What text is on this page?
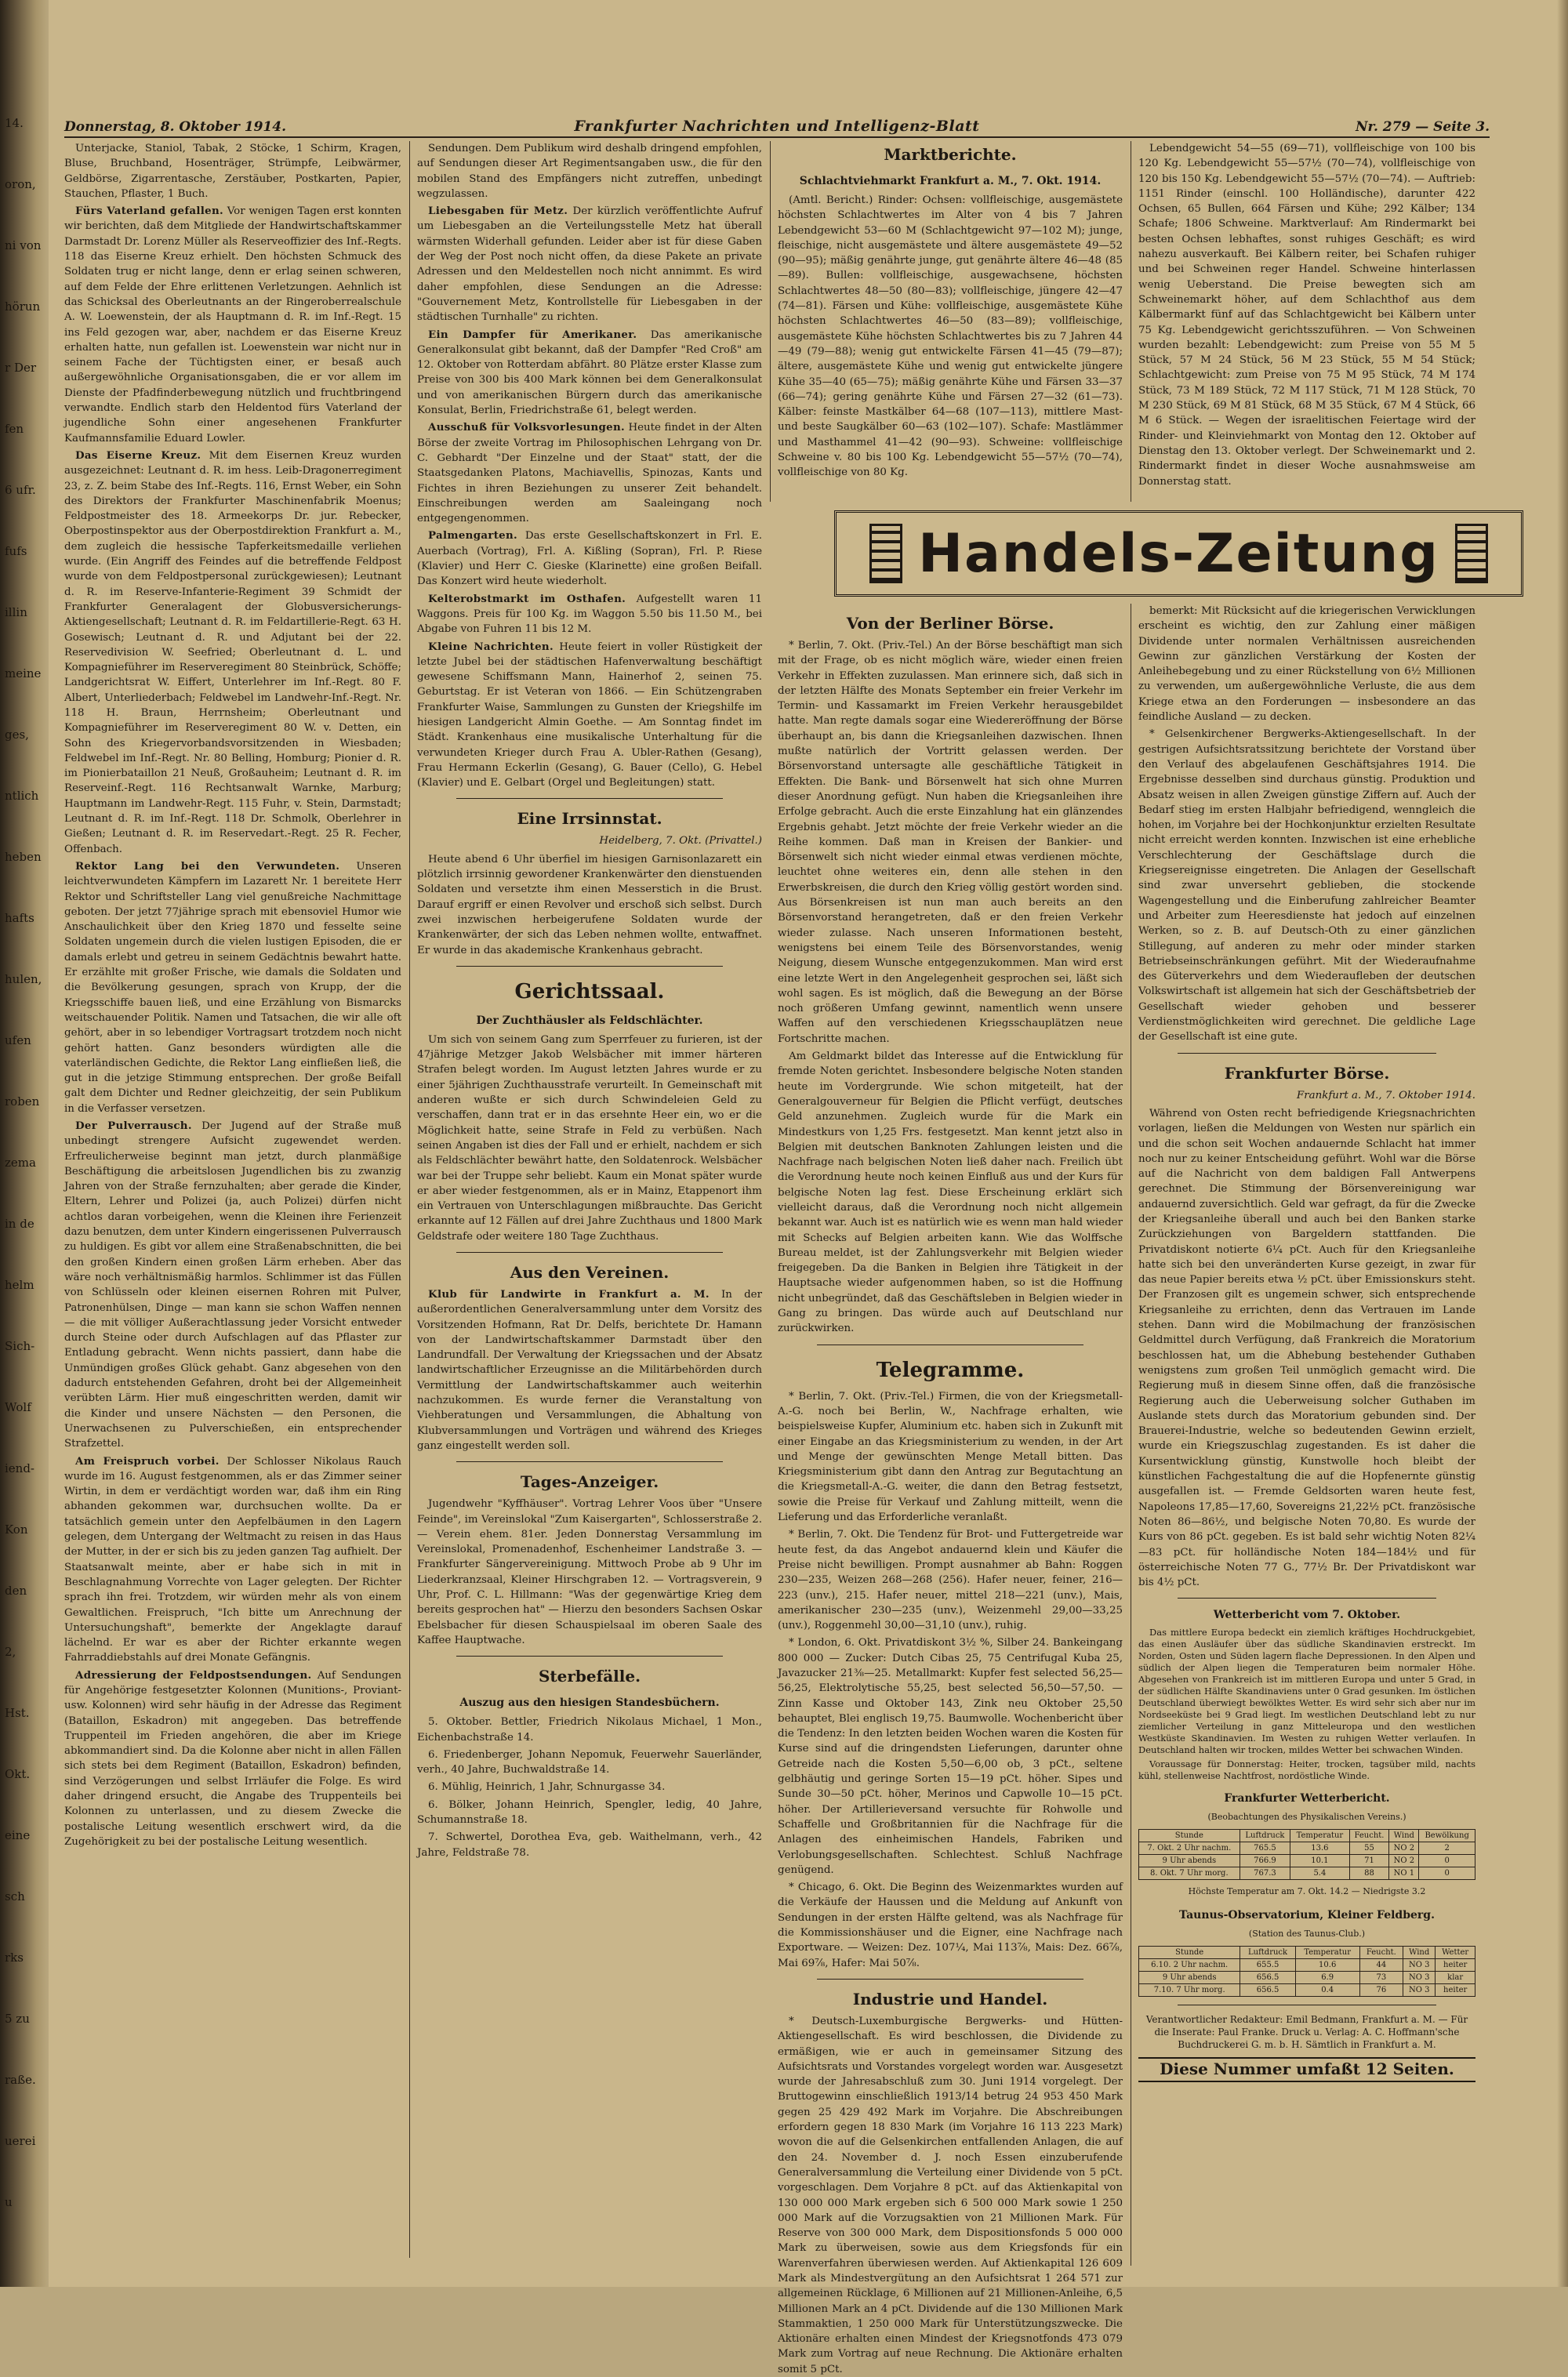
14.
oron,
ni von
hörun
r Der
fen
6 ufr.
fufs
illin
meine
ges,
ntlich
heben
hafts
hulen,
ufen
roben
zema
in de
helm
Sich-
Wolf
iend-
Kon
den
2,
Hst.
Okt.
eine
sch
rks
5 zu
raße.
uerei
u
Donnerstag, 8. Oktober 1914.	Frankfurter Nachrichten und Intelligenz-Blatt	Nr. 279 — Seite 3.

Unterjacke, Staniol, Tabak, 2 Stöcke, 1 Schirm, Kragen, Bluse, Bruchband, Hosenträger, Strümpfe, Leibwärmer, Geldbörse, Zigarrentasche, Zerstäuber, Postkarten, Papier, Stauchen, Pflaster, 1 Buch.

Fürs Vaterland gefallen. Vor wenigen Tagen erst konnten wir berichten, daß dem Mitgliede der Handwirtschaftskammer Darmstadt Dr. Lorenz Müller als Reserveoffizier des Inf.-Regts. 118 das Eiserne Kreuz erhielt. Den höchsten Schmuck des Soldaten trug er nicht lange, denn er erlag seinen schweren, auf dem Felde der Ehre erlittenen Verletzungen. Aehnlich ist das Schicksal des Oberleutnants an der Ringeroberrealschule A. W. Loewenstein, der als Hauptmann d. R. im Inf.-Regt. 15 ins Feld gezogen war, aber, nachdem er das Eiserne Kreuz erhalten hatte, nun gefallen ist. Loewenstein war nicht nur in seinem Fache der Tüchtigsten einer, er besaß auch außergewöhnliche Organisationsgaben, die er vor allem im Dienste der Pfadfinderbewegung nützlich und fruchtbringend verwandte. Endlich starb den Heldentod fürs Vaterland der jugendliche Sohn einer angesehenen Frankfurter Kaufmannsfamilie Eduard Lowler.

Das Eiserne Kreuz. Mit dem Eisernen Kreuz wurden ausgezeichnet: Leutnant d. R. im hess. Leib-Dragonerregiment 23, z. Z. beim Stabe des Inf.-Regts. 116, Ernst Weber, ein Sohn des Direktors der Frankfurter Maschinenfabrik Moenus; Feldpostmeister des 18. Armeekorps Dr. jur. Rebecker, Oberpostinspektor aus der Oberpostdirektion Frankfurt a. M., dem zugleich die hessische Tapferkeitsmedaille verliehen wurde. (Ein Angriff des Feindes auf die betreffende Feldpost wurde von dem Feldpostpersonal zurückgewiesen); Leutnant d. R. im Reserve-Infanterie-Regiment 39 Schmidt der Frankfurter Generalagent der Globusversicherungs-Aktiengesellschaft; Leutnant d. R. im Feldartillerie-Regt. 63 H. Gosewisch; Leutnant d. R. und Adjutant bei der 22. Reservedivision W. Seefried; Oberleutnant d. L. und Kompagnieführer im Reserveregiment 80 Steinbrück, Schöffe; Landgerichtsrat W. Eiffert, Unterlehrer im Inf.-Regt. 80 F. Albert, Unterliederbach; Feldwebel im Landwehr-Inf.-Regt. Nr. 118 H. Braun, Herrnsheim; Oberleutnant und Kompagnieführer im Reserveregiment 80 W. v. Detten, ein Sohn des Kriegervorbandsvorsitzenden in Wiesbaden; Feldwebel im Inf.-Regt. Nr. 80 Belling, Homburg; Pionier d. R. im Pionierbataillon 21 Neuß, Großauheim; Leutnant d. R. im Reserveinf.-Regt. 116 Rechtsanwalt Warnke, Marburg; Hauptmann im Landwehr-Regt. 115 Fuhr, v. Stein, Darmstadt; Leutnant d. R. im Inf.-Regt. 118 Dr. Schmolk, Oberlehrer in Gießen; Leutnant d. R. im Reservedart.-Regt. 25 R. Fecher, Offenbach.

Rektor Lang bei den Verwundeten. Unseren leichtverwundeten Kämpfern im Lazarett Nr. 1 bereitete Herr Rektor und Schriftsteller Lang viel genußreiche Nachmittage geboten. Der jetzt 77jährige sprach mit ebensoviel Humor wie Anschaulichkeit über den Krieg 1870 und fesselte seine Soldaten ungemein durch die vielen lustigen Episoden, die er damals erlebt und getreu in seinem Gedächtnis bewahrt hatte. Er erzählte mit großer Frische, wie damals die Soldaten und die Bevölkerung gesungen, sprach von Krupp, der die Kriegsschiffe bauen ließ, und eine Erzählung von Bismarcks weitschauender Politik. Namen und Tatsachen, die wir alle oft gehört, aber in so lebendiger Vortragsart trotzdem noch nicht gehört hatten. Ganz besonders würdigten alle die vaterländischen Gedichte, die Rektor Lang einfließen ließ, die gut in die jetzige Stimmung entsprechen. Der große Beifall galt dem Dichter und Redner gleichzeitig, der sein Publikum in die Verfasser versetzen.

Der Pulverrausch. Der Jugend auf der Straße muß unbedingt strengere Aufsicht zugewendet werden. Erfreulicherweise beginnt man jetzt, durch planmäßige Beschäftigung die arbeitslosen Jugendlichen bis zu zwanzig Jahren von der Straße fernzuhalten; aber gerade die Kinder, Eltern, Lehrer und Polizei (ja, auch Polizei) dürfen nicht achtlos daran vorbeigehen, wenn die Kleinen ihre Ferienzeit dazu benutzen, dem unter Kindern eingerissenen Pulverrausch zu huldigen. Es gibt vor allem eine Straßenabschnitten, die bei den großen Kindern einen großen Lärm erheben. Aber das wäre noch verhältnismäßig harmlos. Schlimmer ist das Füllen von Schlüsseln oder kleinen eisernen Rohren mit Pulver, Patronenhülsen, Dinge — man kann sie schon Waffen nennen — die mit völliger Außerachtlassung jeder Vorsicht entweder durch Steine oder durch Aufschlagen auf das Pflaster zur Entladung gebracht. Wenn nichts passiert, dann habe die Unmündigen großes Glück gehabt. Ganz abgesehen von den dadurch entstehenden Gefahren, droht bei der Allgemeinheit verübten Lärm. Hier muß eingeschritten werden, damit wir die Kinder und unsere Nächsten — den Personen, die Unerwachsenen zu Pulverschießen, ein entsprechender Strafzettel.

Am Freispruch vorbei. Der Schlosser Nikolaus Rauch wurde im 16. August festgenommen, als er das Zimmer seiner Wirtin, in dem er verdächtigt worden war, daß ihm ein Ring abhanden gekommen war, durchsuchen wollte. Da er tatsächlich gemein unter den Aepfelbäumen in den Lagern gelegen, dem Untergang der Weltmacht zu reisen in das Haus der Mutter, in der er sich bis zu jeden ganzen Tag aufhielt. Der Staatsanwalt meinte, aber er habe sich in mit in Beschlagnahmung Vorrechte von Lager gelegten. Der Richter sprach ihn frei. Trotzdem, wir würden mehr als von einem Gewaltlichen. Freispruch, "Ich bitte um Anrechnung der Untersuchungshaft", bemerkte der Angeklagte darauf lächelnd. Er war es aber der Richter erkannte wegen Fahrraddiebstahls auf drei Monate Gefängnis.

Adressierung der Feldpostsendungen. Auf Sendungen für Angehörige festgesetzter Kolonnen (Munitions-, Proviant- usw. Kolonnen) wird sehr häufig in der Adresse das Regiment (Bataillon, Eskadron) mit angegeben. Das betreffende Truppenteil im Frieden angehören, die aber im Kriege abkommandiert sind. Da die Kolonne aber nicht in allen Fällen sich stets bei dem Regiment (Bataillon, Eskadron) befinden, sind Verzögerungen und selbst Irrläufer die Folge. Es wird daher dringend ersucht, die Angabe des Truppenteils bei Kolonnen zu unterlassen, und zu diesem Zwecke die postalische Leitung wesentlich erschwert wird, da die Zugehörigkeit zu bei der postalische Leitung wesentlich.

Sendungen. Dem Publikum wird deshalb dringend empfohlen, auf Sendungen dieser Art Regimentsangaben usw., die für den mobilen Stand des Empfängers nicht zutreffen, unbedingt wegzulassen.

Liebesgaben für Metz. Der kürzlich veröffentlichte Aufruf um Liebesgaben an die Verteilungsstelle Metz hat überall wärmsten Widerhall gefunden. Leider aber ist für diese Gaben der Weg der Post noch nicht offen, da diese Pakete an private Adressen und den Meldestellen noch nicht annimmt. Es wird daher empfohlen, diese Sendungen an die Adresse: "Gouvernement Metz, Kontrollstelle für Liebesgaben in der städtischen Turnhalle" zu richten.

Ein Dampfer für Amerikaner. Das amerikanische Generalkonsulat gibt bekannt, daß der Dampfer "Red Croß" am 12. Oktober von Rotterdam abfährt. 80 Plätze erster Klasse zum Preise von 300 bis 400 Mark können bei dem Generalkonsulat und von amerikanischen Bürgern durch das amerikanische Konsulat, Berlin, Friedrichstraße 61, belegt werden.

Ausschuß für Volksvorlesungen. Heute findet in der Alten Börse der zweite Vortrag im Philosophischen Lehrgang von Dr. C. Gebhardt "Der Einzelne und der Staat" statt, der die Staatsgedanken Platons, Machiavellis, Spinozas, Kants und Fichtes in ihren Beziehungen zu unserer Zeit behandelt. Einschreibungen werden am Saaleingang noch entgegengenommen.

Palmengarten. Das erste Gesellschaftskonzert in Frl. E. Auerbach (Vortrag), Frl. A. Kißling (Sopran), Frl. P. Riese (Klavier) und Herr C. Gieske (Klarinette) eine großen Beifall. Das Konzert wird heute wiederholt.

Kelterobstmarkt im Osthafen. Aufgestellt waren 11 Waggons. Preis für 100 Kg. im Waggon 5.50 bis 11.50 M., bei Abgabe von Fuhren 11 bis 12 M.

Kleine Nachrichten. Heute feiert in voller Rüstigkeit der letzte Jubel bei der städtischen Hafenverwaltung beschäftigt gewesene Schiffsmann Mann, Hainerhof 2, seinen 75. Geburtstag. Er ist Veteran von 1866. — Ein Schützengraben Frankfurter Waise, Sammlungen zu Gunsten der Kriegshilfe im hiesigen Landgericht Almin Goethe. — Am Sonntag findet im Städt. Krankenhaus eine musikalische Unterhaltung für die verwundeten Krieger durch Frau A. Ubler-Rathen (Gesang), Frau Hermann Eckerlin (Gesang), G. Bauer (Cello), G. Hebel (Klavier) und E. Gelbart (Orgel und Begleitungen) statt.

Eine Irrsinnstat.
Heidelberg, 7. Okt. (Privattel.)

Heute abend 6 Uhr überfiel im hiesigen Garnisonlazarett ein plötzlich irrsinnig gewordener Krankenwärter den dienstuenden Soldaten und versetzte ihm einen Messerstich in die Brust. Darauf ergriff er einen Revolver und erschoß sich selbst. Durch zwei inzwischen herbeigerufene Soldaten wurde der Krankenwärter, der sich das Leben nehmen wollte, entwaffnet. Er wurde in das akademische Krankenhaus gebracht.

Gerichtssaal.
Der Zuchthäusler als Feldschlächter.

Um sich von seinem Gang zum Sperrfeuer zu furieren, ist der 47jährige Metzger Jakob Welsbächer mit immer härteren Strafen belegt worden. Im August letzten Jahres wurde er zu einer 5jährigen Zuchthausstrafe verurteilt. In Gemeinschaft mit anderen wußte er sich durch Schwindeleien Geld zu verschaffen, dann trat er in das ersehnte Heer ein, wo er die Möglichkeit hatte, seine Strafe in Feld zu verbüßen. Nach seinen Angaben ist dies der Fall und er erhielt, nachdem er sich als Feldschlächter bewährt hatte, den Soldatenrock. Welsbächer war bei der Truppe sehr beliebt. Kaum ein Monat später wurde er aber wieder festgenommen, als er in Mainz, Etappenort ihm ein Vertrauen von Unterschlagungen mißbrauchte. Das Gericht erkannte auf 12 Fällen auf drei Jahre Zuchthaus und 1800 Mark Geldstrafe oder weitere 180 Tage Zuchthaus.

Aus den Vereinen.

Klub für Landwirte in Frankfurt a. M. In der außerordentlichen Generalversammlung unter dem Vorsitz des Vorsitzenden Hofmann, Rat Dr. Delfs, berichtete Dr. Hamann von der Landwirtschaftskammer Darmstadt über den Landrundfall. Der Verwaltung der Kriegssachen und der Absatz landwirtschaftlicher Erzeugnisse an die Militärbehörden durch Vermittlung der Landwirtschaftskammer auch weiterhin nachzukommen. Es wurde ferner die Veranstaltung von Viehberatungen und Versammlungen, die Abhaltung von Klubversammlungen und Vorträgen und während des Krieges ganz eingestellt werden soll.

Tages-Anzeiger.

Jugendwehr "Kyffhäuser". Vortrag Lehrer Voos über "Unsere Feinde", im Vereinslokal "Zum Kaisergarten", Schlosserstraße 2. — Verein ehem. 81er. Jeden Donnerstag Versammlung im Vereinslokal, Promenadenhof, Eschenheimer Landstraße 3. — Frankfurter Sängervereinigung. Mittwoch Probe ab 9 Uhr im Liederkranzsaal, Kleiner Hirschgraben 12. — Vortragsverein, 9 Uhr, Prof. C. L. Hillmann: "Was der gegenwärtige Krieg dem bereits gesprochen hat" — Hierzu den besonders Sachsen Oskar Ebelsbacher für diesen Schauspielsaal im oberen Saale des Kaffee Hauptwache.

Sterbefälle.
Auszug aus den hiesigen Standesbüchern.

5. Oktober. Bettler, Friedrich Nikolaus Michael, 1 Mon., Eichenbachstraße 14.

6. Friedenberger, Johann Nepomuk, Feuerwehr Sauerländer, verh., 40 Jahre, Buchwaldstraße 14.

6. Mühlig, Heinrich, 1 Jahr, Schnurgasse 34.

6. Bölker, Johann Heinrich, Spengler, ledig, 40 Jahre, Schumannstraße 18.

7. Schwertel, Dorothea Eva, geb. Waithelmann, verh., 42 Jahre, Feldstraße 78.

Marktberichte.
Schlachtviehmarkt Frankfurt a. M., 7. Okt. 1914.

(Amtl. Bericht.) Rinder: Ochsen: vollfleischige, ausgemästete höchsten Schlachtwertes im Alter von 4 bis 7 Jahren Lebendgewicht 53—60 M (Schlachtgewicht 97—102 M); junge, fleischige, nicht ausgemästete und ältere ausgemästete 49—52 (90—95); mäßig genährte junge, gut genährte ältere 46—48 (85—89). Bullen: vollfleischige, ausgewachsene, höchsten Schlachtwertes 48—50 (80—83); vollfleischige, jüngere 42—47 (74—81). Färsen und Kühe: vollfleischige, ausgemästete Kühe höchsten Schlachtwertes 46—50 (83—89); vollfleischige, ausgemästete Kühe höchsten Schlachtwertes bis zu 7 Jahren 44—49 (79—88); wenig gut entwickelte Färsen 41—45 (79—87); ältere, ausgemästete Kühe und wenig gut entwickelte jüngere Kühe 35—40 (65—75); mäßig genährte Kühe und Färsen 33—37 (66—74); gering genährte Kühe und Färsen 27—32 (61—73). Kälber: feinste Mastkälber 64—68 (107—113), mittlere Mast- und beste Saugkälber 60—63 (102—107). Schafe: Mastlämmer und Masthammel 41—42 (90—93). Schweine: vollfleischige Schweine v. 80 bis 100 Kg. Lebendgewicht 55—57½ (70—74), vollfleischige von 80 Kg.

Lebendgewicht 54—55 (69—71), vollfleischige von 100 bis 120 Kg. Lebendgewicht 55—57½ (70—74), vollfleischige von 120 bis 150 Kg. Lebendgewicht 55—57½ (70—74). — Auftrieb: 1151 Rinder (einschl. 100 Holländische), darunter 422 Ochsen, 65 Bullen, 664 Färsen und Kühe; 292 Kälber; 134 Schafe; 1806 Schweine. Marktverlauf: Am Rindermarkt bei besten Ochsen lebhaftes, sonst ruhiges Geschäft; es wird nahezu ausverkauft. Bei Kälbern reiter, bei Schafen ruhiger und bei Schweinen reger Handel. Schweine hinterlassen wenig Ueberstand. Die Preise bewegten sich am Schweinemarkt höher, auf dem Schlachthof aus dem Kälbermarkt fünf auf das Schlachtgewicht bei Kälbern unter 75 Kg. Lebendgewicht gerichtsszuführen. — Von Schweinen wurden bezahlt: Lebendgewicht: zum Preise von 55 M 5 Stück, 57 M 24 Stück, 56 M 23 Stück, 55 M 54 Stück; Schlachtgewicht: zum Preise von 75 M 95 Stück, 74 M 174 Stück, 73 M 189 Stück, 72 M 117 Stück, 71 M 128 Stück, 70 M 230 Stück, 69 M 81 Stück, 68 M 35 Stück, 67 M 4 Stück, 66 M 6 Stück. — Wegen der israelitischen Feiertage wird der Rinder- und Kleinviehmarkt von Montag den 12. Oktober auf Dienstag den 13. Oktober verlegt. Der Schweinemarkt und 2. Rindermarkt findet in dieser Woche ausnahmsweise am Donnerstag statt.

Handels-Zeitung
Von der Berliner Börse.

* Berlin, 7. Okt. (Priv.-Tel.) An der Börse beschäftigt man sich mit der Frage, ob es nicht möglich wäre, wieder einen freien Verkehr in Effekten zuzulassen. Man erinnere sich, daß sich in der letzten Hälfte des Monats September ein freier Verkehr im Termin- und Kassamarkt im Freien Verkehr herausgebildet hatte. Man regte damals sogar eine Wiedereröffnung der Börse überhaupt an, bis dann die Kriegsanleihen dazwischen. Ihnen mußte natürlich der Vortritt gelassen werden. Der Börsenvorstand untersagte alle geschäftliche Tätigkeit in Effekten. Die Bank- und Börsenwelt hat sich ohne Murren dieser Anordnung gefügt. Nun haben die Kriegsanleihen ihre Erfolge gebracht. Auch die erste Einzahlung hat ein glänzendes Ergebnis gehabt. Jetzt möchte der freie Verkehr wieder an die Reihe kommen. Daß man in Kreisen der Bankier- und Börsenwelt sich nicht wieder einmal etwas verdienen möchte, leuchtet ohne weiteres ein, denn alle stehen in den Erwerbskreisen, die durch den Krieg völlig gestört worden sind. Aus Börsenkreisen ist nun man auch bereits an den Börsenvorstand herangetreten, daß er den freien Verkehr wieder zulasse. Nach unseren Informationen besteht, wenigstens bei einem Teile des Börsenvorstandes, wenig Neigung, diesem Wunsche entgegenzukommen. Man wird erst eine letzte Wert in den Angelegenheit gesprochen sei, läßt sich wohl sagen. Es ist möglich, daß die Bewegung an der Börse noch größeren Umfang gewinnt, namentlich wenn unsere Waffen auf den verschiedenen Kriegsschauplätzen neue Fortschritte machen.

Am Geldmarkt bildet das Interesse auf die Entwicklung für fremde Noten gerichtet. Insbesondere belgische Noten standen heute im Vordergrunde. Wie schon mitgeteilt, hat der Generalgouverneur für Belgien die Pflicht verfügt, deutsches Geld anzunehmen. Zugleich wurde für die Mark ein Mindestkurs von 1,25 Frs. festgesetzt. Man kennt jetzt also in Belgien mit deutschen Banknoten Zahlungen leisten und die Nachfrage nach belgischen Noten ließ daher nach. Freilich übt die Verordnung heute noch keinen Einfluß aus und der Kurs für belgische Noten lag fest. Diese Erscheinung erklärt sich vielleicht daraus, daß die Verordnung noch nicht allgemein bekannt war. Auch ist es natürlich wie es wenn man hald wieder mit Schecks auf Belgien arbeiten kann. Wie das Wolffsche Bureau meldet, ist der Zahlungsverkehr mit Belgien wieder freigegeben. Da die Banken in Belgien ihre Tätigkeit in der Hauptsache wieder aufgenommen haben, so ist die Hoffnung nicht unbegründet, daß das Geschäftsleben in Belgien wieder in Gang zu bringen. Das würde auch auf Deutschland nur zurückwirken.

Telegramme.

* Berlin, 7. Okt. (Priv.-Tel.) Firmen, die von der Kriegsmetall-A.-G. noch bei Berlin, W., Nachfrage erhalten, wie beispielsweise Kupfer, Aluminium etc. haben sich in Zukunft mit einer Eingabe an das Kriegsministerium zu wenden, in der Art und Menge der gewünschten Menge Metall bitten. Das Kriegsministerium gibt dann den Antrag zur Begutachtung an die Kriegsmetall-A.-G. weiter, die dann den Betrag festsetzt, sowie die Preise für Verkauf und Zahlung mitteilt, wenn die Lieferung und das Erforderliche veranlaßt.

* Berlin, 7. Okt. Die Tendenz für Brot- und Futtergetreide war heute fest, da das Angebot andauernd klein und Käufer die Preise nicht bewilligen. Prompt ausnahmer ab Bahn: Roggen 230—235, Weizen 268—268 (256). Hafer neuer, feiner, 216—223 (unv.), 215. Hafer neuer, mittel 218—221 (unv.), Mais, amerikanischer 230—235 (unv.), Weizenmehl 29,00—33,25 (unv.), Roggenmehl 30,00—31,10 (unv.), ruhig.

* London, 6. Okt. Privatdiskont 3½ %, Silber 24. Bankeingang 800 000 — Zucker: Dutch Cibas 25, 75 Centrifugal Kuba 25, Javazucker 21⅜—25. Metallmarkt: Kupfer fest selected 56,25—56,25, Elektrolytische 55,25, best selected 56,50—57,50. — Zinn Kasse und Oktober 143, Zink neu Oktober 25,50 behauptet, Blei englisch 19,75. Baumwolle. Wochenbericht über die Tendenz: In den letzten beiden Wochen waren die Kosten für Kurse sind auf die dringendsten Lieferungen, darunter ohne Getreide nach die Kosten 5,50—6,00 ob, 3 pCt., seltene gelbhäutig und geringe Sorten 15—19 pCt. höher. Sipes und Sunde 30—50 pCt. höher, Merinos und Capwolle 10—15 pCt. höher. Der Artillerieversand versuchte für Rohwolle und Schaffelle und Großbritannien für die Nachfrage für die Anlagen des einheimischen Handels, Fabriken und Verlobungsgesellschaften. Schlechtest. Schluß Nachfrage genügend.

* Chicago, 6. Okt. Die Beginn des Weizenmarktes wurden auf die Verkäufe der Haussen und die Meldung auf Ankunft von Sendungen in der ersten Hälfte geltend, was als Nachfrage für die Kommissionshäuser und die Eigner, eine Nachfrage nach Exportware. — Weizen: Dez. 107¼, Mai 113⅞, Mais: Dez. 66⅞, Mai 69⅞, Hafer: Mai 50⅞.

Industrie und Handel.

* Deutsch-Luxemburgische Bergwerks- und Hütten-Aktiengesellschaft. Es wird beschlossen, die Dividende zu ermäßigen, wie er auch in gemeinsamer Sitzung des Aufsichtsrats und Vorstandes vorgelegt worden war. Ausgesetzt wurde der Jahresabschluß zum 30. Juni 1914 vorgelegt. Der Bruttogewinn einschließlich 1913/14 betrug 24 953 450 Mark gegen 25 429 492 Mark im Vorjahre. Die Abschreibungen erfordern gegen 18 830 Mark (im Vorjahre 16 113 223 Mark) wovon die auf die Gelsenkirchen entfallenden Anlagen, die auf den 24. November d. J. noch Essen einzuberufende Generalversammlung die Verteilung einer Dividende von 5 pCt. vorgeschlagen. Dem Vorjahre 8 pCt. auf das Aktienkapital von 130 000 000 Mark ergeben sich 6 500 000 Mark sowie 1 250 000 Mark auf die Vorzugsaktien von 21 Millionen Mark. Für Reserve von 300 000 Mark, dem Dispositionsfonds 5 000 000 Mark zu überweisen, sowie aus dem Kriegsfonds für ein Warenverfahren überwiesen werden. Auf Aktienkapital 126 609 Mark als Mindestvergütung an den Aufsichtsrat 1 264 571 zur allgemeinen Rücklage, 6 Millionen auf 21 Millionen-Anleihe, 6,5 Millionen Mark an 4 pCt. Dividende auf die 130 Millionen Mark Stammaktien, 1 250 000 Mark für Unterstützungszwecke. Die Aktionäre erhalten einen Mindest der Kriegsnotfonds 473 079 Mark zum Vortrag auf neue Rechnung. Die Aktionäre erhalten somit 5 pCt.

bemerkt: Mit Rücksicht auf die kriegerischen Verwicklungen erscheint es wichtig, den zur Zahlung einer mäßigen Dividende unter normalen Verhältnissen ausreichenden Gewinn zur gänzlichen Verstärkung der Kosten der Anleihebegebung und zu einer Rückstellung von 6½ Millionen zu verwenden, um außergewöhnliche Verluste, die aus dem Kriege etwa an den Forderungen — insbesondere an das feindliche Ausland — zu decken.

* Gelsenkirchener Bergwerks-Aktiengesellschaft. In der gestrigen Aufsichtsratssitzung berichtete der Vorstand über den Verlauf des abgelaufenen Geschäftsjahres 1914. Die Ergebnisse desselben sind durchaus günstig. Produktion und Absatz weisen in allen Zweigen günstige Ziffern auf. Auch der Bedarf stieg im ersten Halbjahr befriedigend, wenngleich die hohen, im Vorjahre bei der Hochkonjunktur erzielten Resultate nicht erreicht werden konnten. Inzwischen ist eine erhebliche Verschlechterung der Geschäftslage durch die Kriegsereignisse eingetreten. Die Anlagen der Gesellschaft sind zwar unversehrt geblieben, die stockende Wagengestellung und die Einberufung zahlreicher Beamter und Arbeiter zum Heeresdienste hat jedoch auf einzelnen Werken, so z. B. auf Deutsch-Oth zu einer gänzlichen Stillegung, auf anderen zu mehr oder minder starken Betriebseinschränkungen geführt. Mit der Wiederaufnahme des Güterverkehrs und dem Wiederaufleben der deutschen Volkswirtschaft ist allgemein hat sich der Geschäftsbetrieb der Gesellschaft wieder gehoben und besserer Verdienstmöglichkeiten wird gerechnet. Die geldliche Lage der Gesellschaft ist eine gute.

Frankfurter Börse.
Frankfurt a. M., 7. Oktober 1914.

Während von Osten recht befriedigende Kriegsnachrichten vorlagen, ließen die Meldungen von Westen nur spärlich ein und die schon seit Wochen andauernde Schlacht hat immer noch nur zu keiner Entscheidung geführt. Wohl war die Börse auf die Nachricht von dem baldigen Fall Antwerpens gerechnet. Die Stimmung der Börsenvereinigung war andauernd zuversichtlich. Geld war gefragt, da für die Zwecke der Kriegsanleihe überall und auch bei den Banken starke Zurückziehungen von Bargeldern stattfanden. Die Privatdiskont notierte 6¼ pCt. Auch für den Kriegsanleihe hatte sich bei den unveränderten Kurse gezeigt, in zwar für das neue Papier bereits etwa ½ pCt. über Emissionskurs steht. Der Franzosen gilt es ungemein schwer, sich entsprechende Kriegsanleihe zu errichten, denn das Vertrauen im Lande stehen. Dann wird die Mobilmachung der französischen Geldmittel durch Verfügung, daß Frankreich die Moratorium beschlossen hat, um die Abhebung bestehender Guthaben wenigstens zum großen Teil unmöglich gemacht wird. Die Regierung muß in diesem Sinne offen, daß die französische Regierung auch die Ueberweisung solcher Guthaben im Auslande stets durch das Moratorium gebunden sind. Der Brauerei-Industrie, welche so bedeutenden Gewinn erzielt, wurde ein Kriegszuschlag zugestanden. Es ist daher die Kursentwicklung günstig, Kunstwolle hoch bleibt der künstlichen Fachgestaltung die auf die Hopfenernte günstig ausgefallen ist. — Fremde Geldsorten waren heute fest, Napoleons 17,85—17,60, Sovereigns 21,22½ pCt. französische Noten 86—86½, und belgische Noten 70,80. Es wurde der Kurs von 86 pCt. gegeben. Es ist bald sehr wichtig Noten 82¼—83 pCt. für holländische Noten 184—184½ und für österreichische Noten 77 G., 77½ Br. Der Privatdiskont war bis 4½ pCt.

Wetterbericht vom 7. Oktober.

Das mittlere Europa bedeckt ein ziemlich kräftiges Hochdruckgebiet, das einen Ausläufer über das südliche Skandinavien erstreckt. Im Norden, Osten und Süden lagern flache Depressionen. In den Alpen und südlich der Alpen liegen die Temperaturen beim normaler Höhe. Abgesehen von Frankreich ist im mittleren Europa und unter 5 Grad, in der südlichen Hälfte Skandinaviens unter 0 Grad gesunken. Im östlichen Deutschland überwiegt bewölktes Wetter. Es wird sehr sich aber nur im Nordseeküste bei 9 Grad liegt. Im westlichen Deutschland lebt zu nur ziemlicher Verteilung in ganz Mitteleuropa und den westlichen Westküste Skandinavien. Im Westen zu ruhigen Wetter verlaufen. In Deutschland halten wir trocken, mildes Wetter bei schwachen Winden.

Voraussage für Donnerstag: Heiter, trocken, tagsüber mild, nachts kühl, stellenweise Nachtfrost, nordöstliche Winde.

Frankfurter Wetterbericht.
(Beobachtungen des Physikalischen Vereins.)
Stunde	Luftdruck	Temperatur	Feucht.	Wind	Bewölkung
7. Okt. 2 Uhr nachm.	765.5	13.6	55	NO 2	2
9 Uhr abends	766.9	10.1	71	NO 2	0
8. Okt. 7 Uhr morg.	767.3	5.4	88	NO 1	0
Höchste Temperatur am 7. Okt. 14.2 — Niedrigste 3.2
Taunus-Observatorium, Kleiner Feldberg.
(Station des Taunus-Club.)
Stunde	Luftdruck	Temperatur	Feucht.	Wind	Wetter
6.10. 2 Uhr nachm.	655.5	10.6	44	NO 3	heiter
9 Uhr abends	656.5	6.9	73	NO 3	klar
7.10. 7 Uhr morg.	656.5	0.4	76	NO 3	heiter
Verantwortlicher Redakteur: Emil Bedmann, Frankfurt a. M. — Für die Inserate: Paul Franke. Druck u. Verlag: A. C. Hoffmann'sche Buchdruckerei G. m. b. H. Sämtlich in Frankfurt a. M.
Diese Nummer umfaßt 12 Seiten.
